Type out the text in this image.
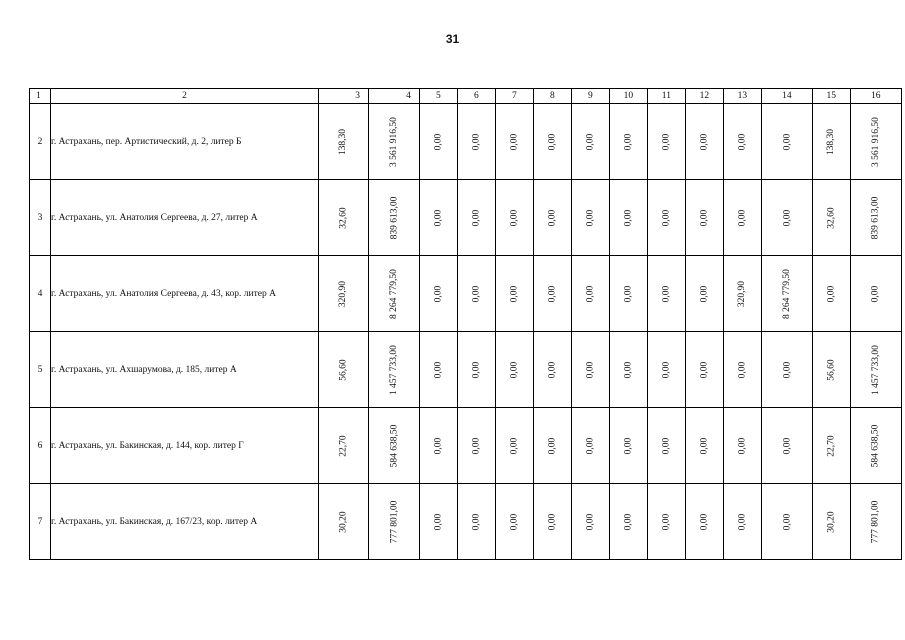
31
1	2	3	4	5	6	7	8	9	10	11	12	13	14	15	16
2	г. Астрахань, пер. Артистический, д. 2, литер Б	138,30	3 561 916,50	0,00	0,00	0,00	0,00	0,00	0,00	0,00	0,00	0,00	0,00	138,30	3 561 916,50
3	г. Астрахань, ул. Анатолия Сергеева, д. 27, литер А	32,60	839 613,00	0,00	0,00	0,00	0,00	0,00	0,00	0,00	0,00	0,00	0,00	32,60	839 613,00
4	г. Астрахань, ул. Анатолия Сергеева, д. 43, кор. литер А	320,90	8 264 779,50	0,00	0,00	0,00	0,00	0,00	0,00	0,00	0,00	320,90	8 264 779,50	0,00	0,00
5	г. Астрахань, ул. Ахшарумова, д. 185, литер А	56,60	1 457 733,00	0,00	0,00	0,00	0,00	0,00	0,00	0,00	0,00	0,00	0,00	56,60	1 457 733,00
6	г. Астрахань, ул. Бакинская, д. 144, кор. литер Г	22,70	584 638,50	0,00	0,00	0,00	0,00	0,00	0,00	0,00	0,00	0,00	0,00	22,70	584 638,50
7	г. Астрахань, ул. Бакинская, д. 167/23, кор. литер А	30,20	777 801,00	0,00	0,00	0,00	0,00	0,00	0,00	0,00	0,00	0,00	0,00	30,20	777 801,00
